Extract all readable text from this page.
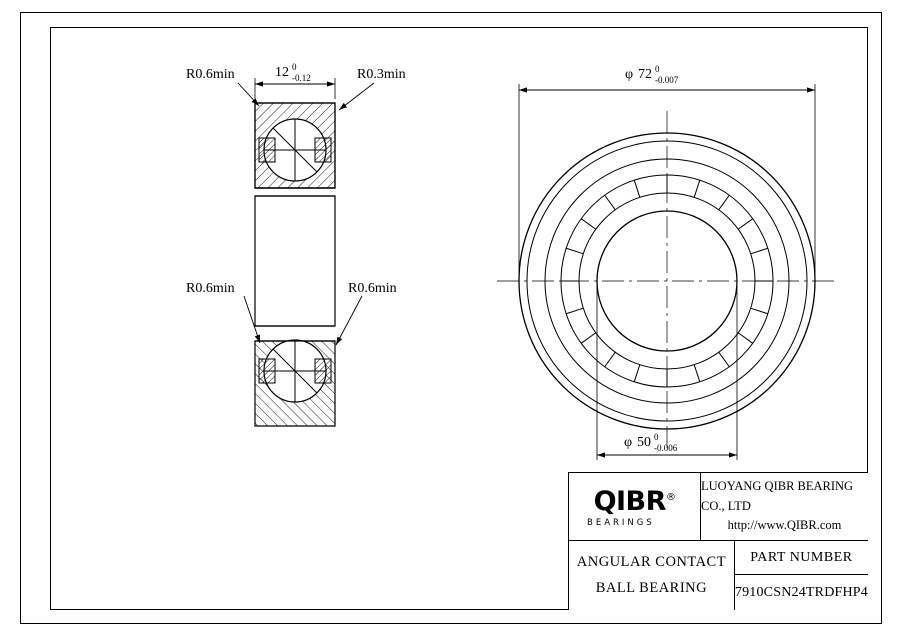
R0.6min	R0.3min
R0.6min	R0.6min
12 0
-0.12	φ 72 0
-0.007
φ 50 0
-0.006
QIBR®
BEARINGS
LUOYANG QIBR BEARING CO., LTD
http://www.QIBR.com
ANGULAR CONTACT
BALL BEARING
PART NUMBER
7910CSN24TRDFHP4
